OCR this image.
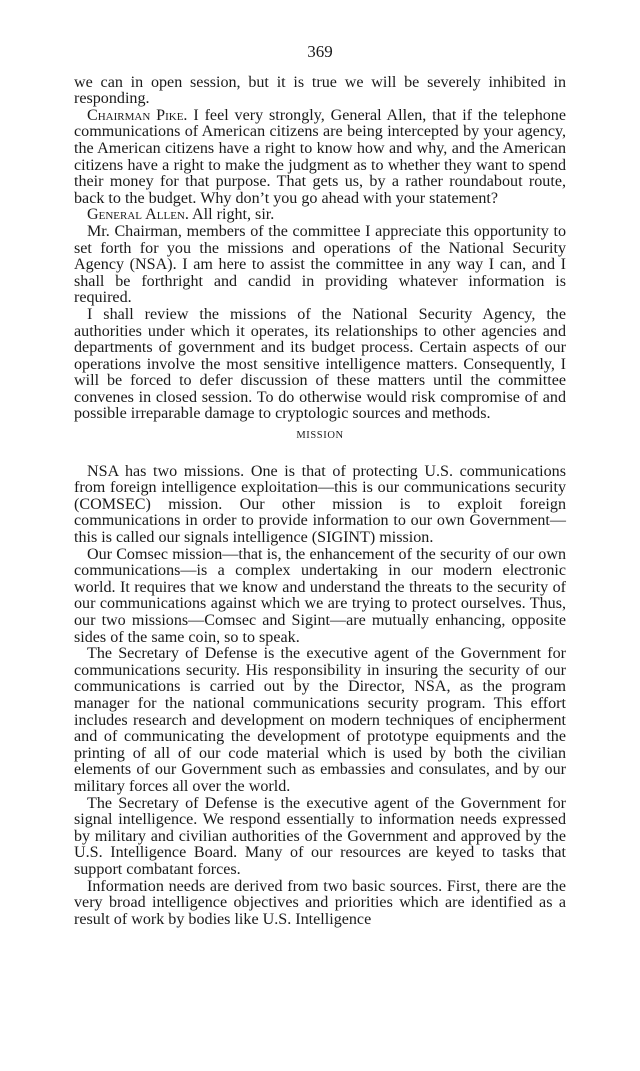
369

we can in open session, but it is true we will be severely inhibited in responding.

Chairman Pike. I feel very strongly, General Allen, that if the telephone communications of American citizens are being intercepted by your agency, the American citizens have a right to know how and why, and the American citizens have a right to make the judgment as to whether they want to spend their money for that purpose. That gets us, by a rather roundabout route, back to the budget. Why don’t you go ahead with your statement?

General Allen. All right, sir.

Mr. Chairman, members of the committee I appreciate this opportunity to set forth for you the missions and operations of the National Security Agency (NSA). I am here to assist the committee in any way I can, and I shall be forthright and candid in providing whatever information is required.

I shall review the missions of the National Security Agency, the authorities under which it operates, its relationships to other agencies and departments of government and its budget process. Certain aspects of our operations involve the most sensitive intelligence matters. Consequently, I will be forced to defer discussion of these matters until the committee convenes in closed session. To do otherwise would risk compromise of and possible irreparable damage to cryptologic sources and methods.

MISSION

NSA has two missions. One is that of protecting U.S. communications from foreign intelligence exploitation—this is our communications security (COMSEC) mission. Our other mission is to exploit foreign communications in order to provide information to our own Government—this is called our signals intelligence (SIGINT) mission.

Our Comsec mission—that is, the enhancement of the security of our own communications—is a complex undertaking in our modern electronic world. It requires that we know and understand the threats to the security of our communications against which we are trying to protect ourselves. Thus, our two missions—Comsec and Sigint—are mutually enhancing, opposite sides of the same coin, so to speak.

The Secretary of Defense is the executive agent of the Government for communications security. His responsibility in insuring the security of our communications is carried out by the Director, NSA, as the program manager for the national communications security program. This effort includes research and development on modern techniques of encipherment and of communicating the development of prototype equipments and the printing of all of our code material which is used by both the civilian elements of our Government such as embassies and consulates, and by our military forces all over the world.

The Secretary of Defense is the executive agent of the Government for signal intelligence. We respond essentially to information needs expressed by military and civilian authorities of the Government and approved by the U.S. Intelligence Board. Many of our resources are keyed to tasks that support combatant forces.

Information needs are derived from two basic sources. First, there are the very broad intelligence objectives and priorities which are identified as a result of work by bodies like U.S. Intelligence
